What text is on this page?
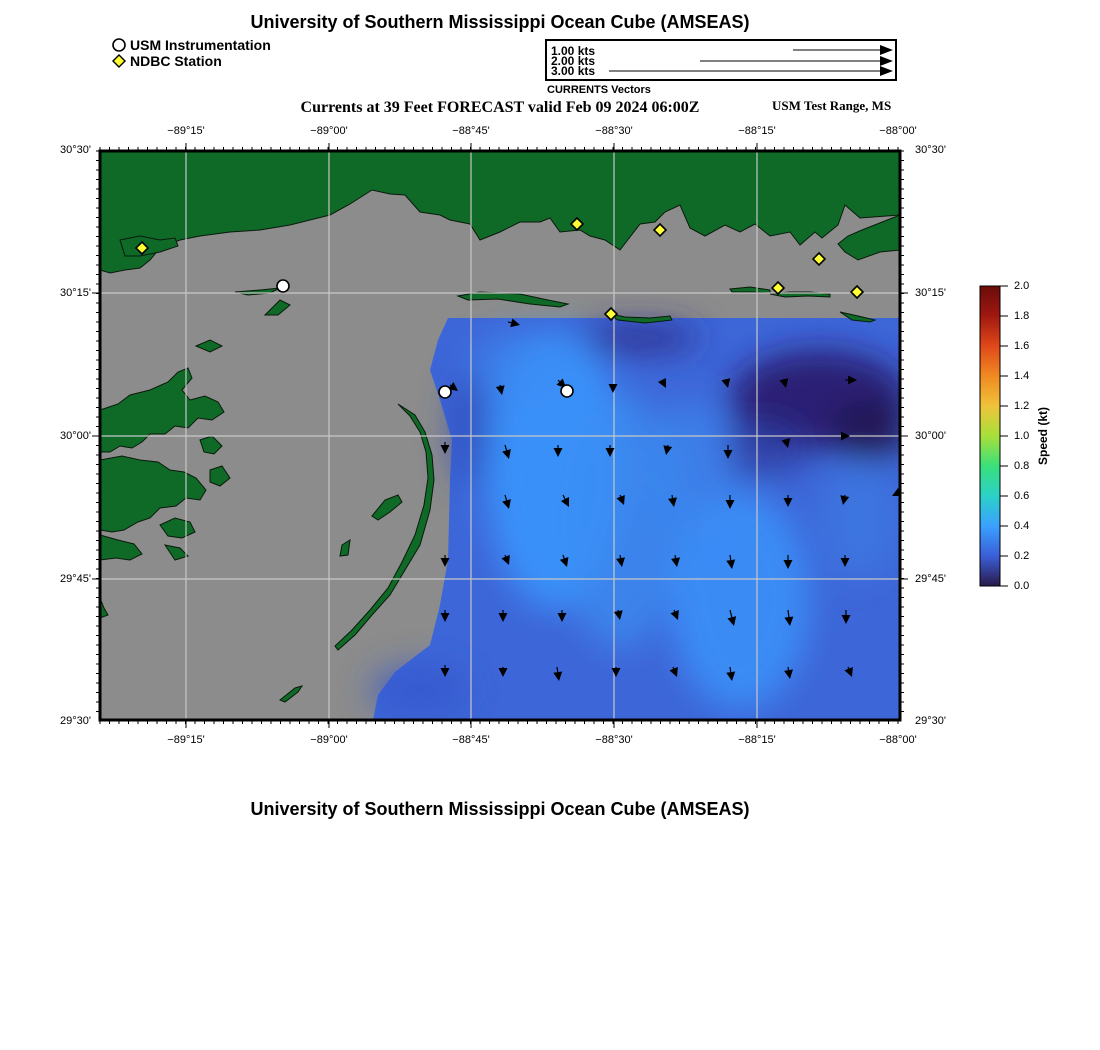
University of Southern Mississippi Ocean Cube (AMSEAS)
USM Instrumentation
NDBC Station
1.00 kts
2.00 kts
3.00 kts
CURRENTS Vectors
Currents at 39 Feet FORECAST valid Feb 09 2024 06:00Z	USM Test Range, MS
−89°15'	−89°00'	−88°45'	−88°30'	−88°15'	−88°00'
−89°15'	−89°00'	−88°45'	−88°30'	−88°15'	−88°00'
30°30'
30°15'
30°00'
29°45'
29°30'
30°30'
30°15'
30°00'
29°45'
29°30'
2.0
1.8
1.6
1.4
1.2
1.0
0.8
0.6
0.4
0.2
0.0
Speed (kt)
University of Southern Mississippi Ocean Cube (AMSEAS)
